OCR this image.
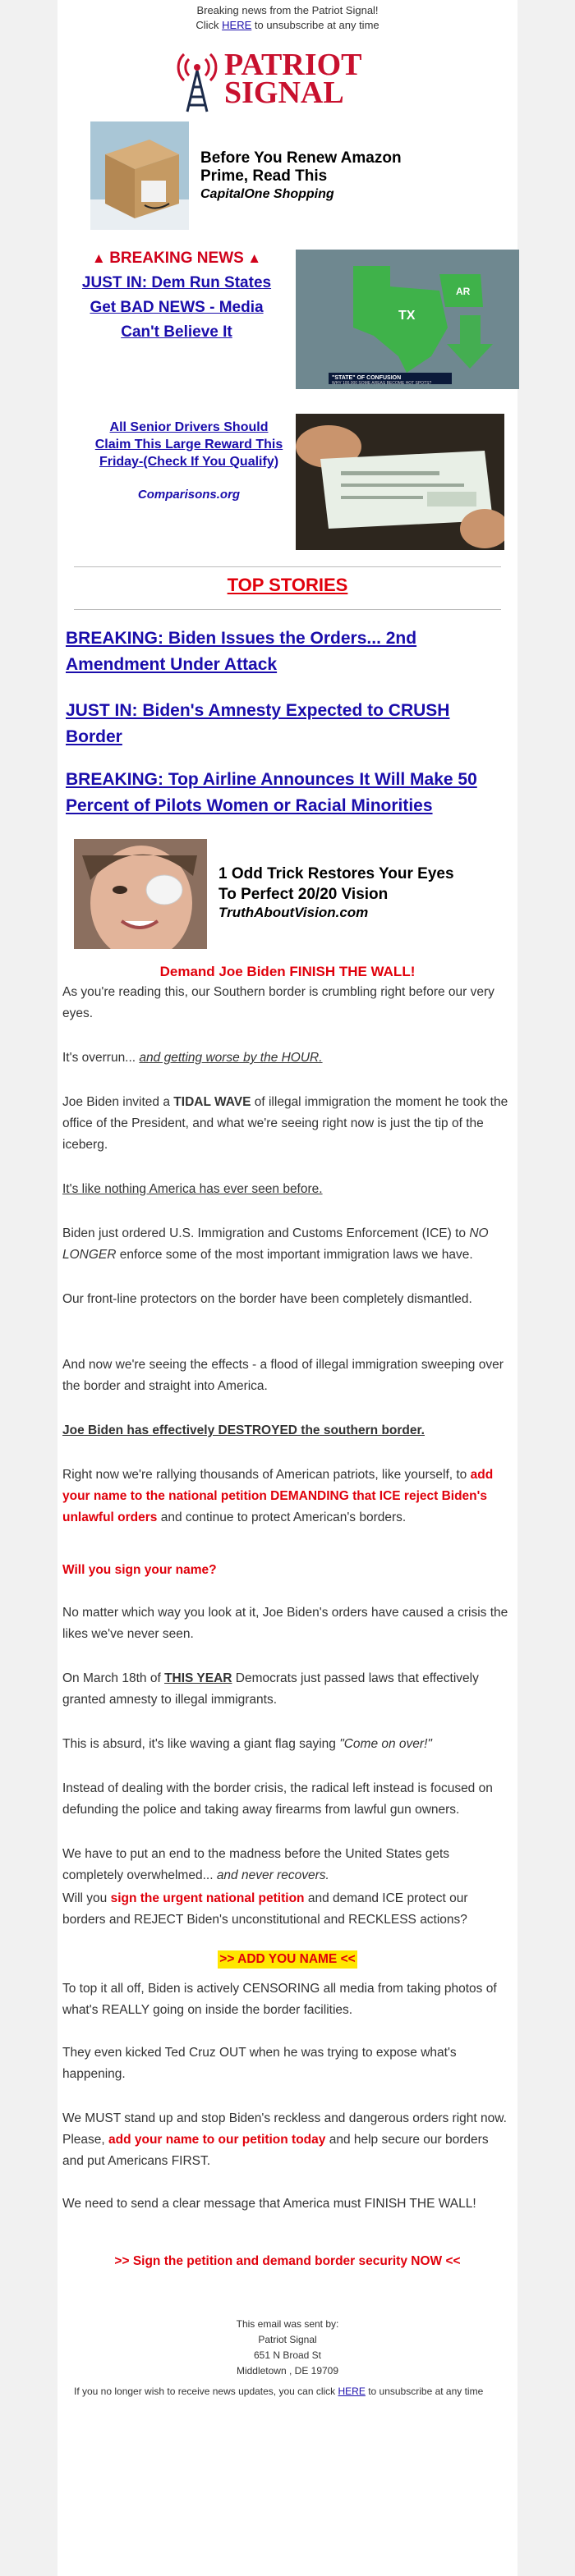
Breaking news from the Patriot Signal!
Click HERE to unsubscribe at any time
PATRIOT
SIGNAL
Before You Renew Amazon Prime, Read This
CapitalOne Shopping
▲ BREAKING NEWS ▲
JUST IN: Dem Run States Get BAD NEWS - Media Can't Believe It
TX
AR
"STATE" OF CONFUSION
WHY 100,000 SOME AREAS BECOME HOT SPOTS?
All Senior Drivers Should Claim This Large Reward This Friday-(Check If You Qualify)
Comparisons.org
TOP STORIES
BREAKING: Biden Issues the Orders... 2nd Amendment Under Attack
JUST IN: Biden's Amnesty Expected to CRUSH Border
BREAKING: Top Airline Announces It Will Make 50 Percent of Pilots Women or Racial Minorities
1 Odd Trick Restores Your Eyes To Perfect 20/20 Vision
TruthAboutVision.com
Demand Joe Biden FINISH THE WALL!

As you're reading this, our Southern border is crumbling right before our very eyes.

It's overrun... and getting worse by the HOUR.

Joe Biden invited a TIDAL WAVE of illegal immigration the moment he took the office of the President, and what we're seeing right now is just the tip of the iceberg.

It's like nothing America has ever seen before.

Biden just ordered U.S. Immigration and Customs Enforcement (ICE) to NO LONGER enforce some of the most important immigration laws we have.

Our front-line protectors on the border have been completely dismantled.

And now we're seeing the effects - a flood of illegal immigration sweeping over the border and straight into America.

Joe Biden has effectively DESTROYED the southern border.

Right now we're rallying thousands of American patriots, like yourself, to add your name to the national petition DEMANDING that ICE reject Biden's unlawful orders and continue to protect American's borders.

Will you sign your name?

No matter which way you look at it, Joe Biden's orders have caused a crisis the likes we've never seen.

On March 18th of THIS YEAR Democrats just passed laws that effectively granted amnesty to illegal immigrants.

This is absurd, it's like waving a giant flag saying "Come on over!"

Instead of dealing with the border crisis, the radical left instead is focused on defunding the police and taking away firearms from lawful gun owners.

We have to put an end to the madness before the United States gets completely overwhelmed... and never recovers.

Will you sign the urgent national petition and demand ICE protect our borders and REJECT Biden's unconstitutional and RECKLESS actions?

>> ADD YOU NAME <<

To top it all off, Biden is actively CENSORING all media from taking photos of what's REALLY going on inside the border facilities.

They even kicked Ted Cruz OUT when he was trying to expose what's happening.

We MUST stand up and stop Biden's reckless and dangerous orders right now. Please, add your name to our petition today and help secure our borders and put Americans FIRST.

We need to send a clear message that America must FINISH THE WALL!

>> Sign the petition and demand border security NOW <<
This email was sent by:
Patriot Signal
651 N Broad St
Middletown , DE 19709
If you no longer wish to receive news updates, you can click HERE to unsubscribe at any time
